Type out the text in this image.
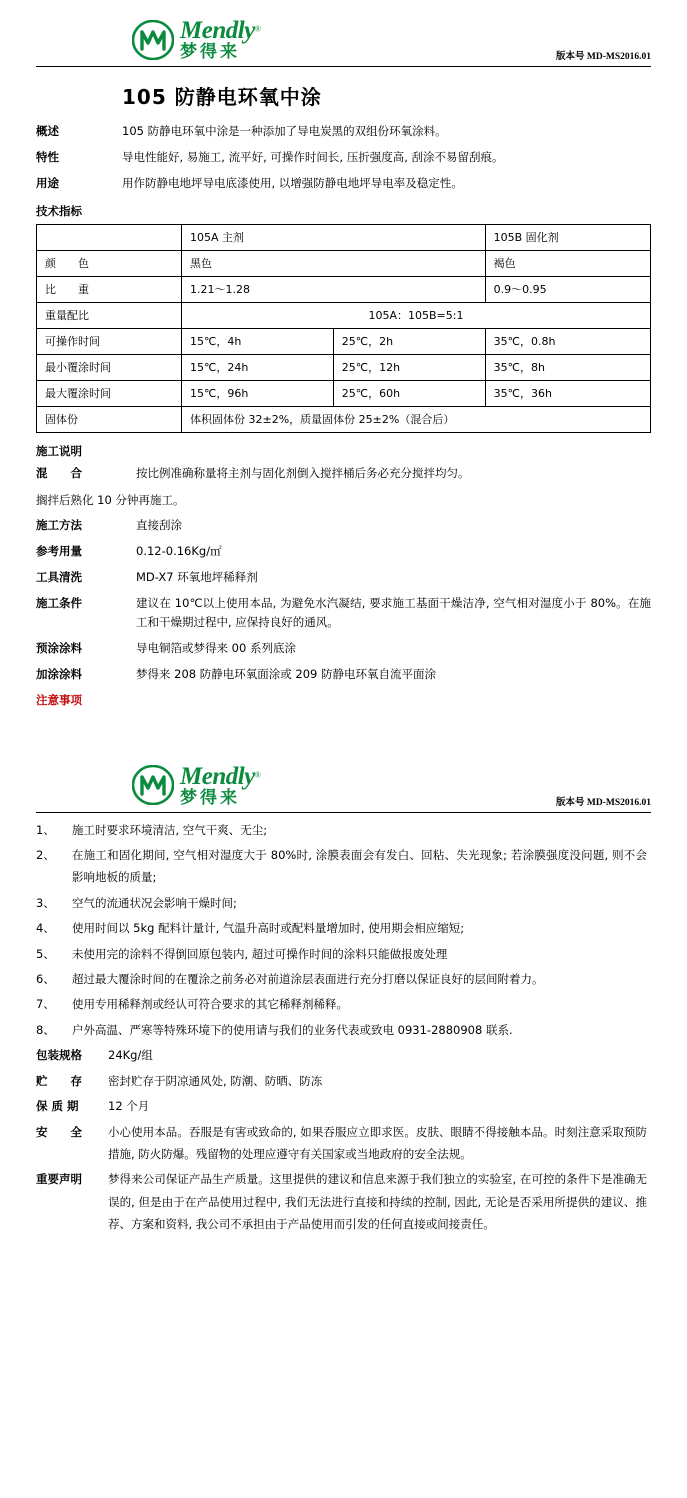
Mendly®
梦得来	版本号 MD-MS2016.01
105 防静电环氧中涂
概述	105 防静电环氧中涂是一种添加了导电炭黑的双组份环氧涂料。
特性	导电性能好, 易施工, 流平好, 可操作时间长, 压折强度高, 刮涂不易留刮痕。
用途	用作防静电地坪导电底漆使用, 以增强防静电地坪导电率及稳定性。
技术指标
	105A 主剂		105B 固化剂
颜　　色	黑色		褐色
比　　重	1.21〜1.28		0.9〜0.95
重量配比	105A：105B=5:1		
可操作时间	15℃，4h	25℃，2h	35℃，0.8h
最小覆涂时间	15℃，24h	25℃，12h	35℃，8h
最大覆涂时间	15℃，96h	25℃，60h	35℃，36h
固体份	体积固体份 32±2%，质量固体份 25±2%（混合后）		
施工说明
混　　合	按比例准确称量将主剂与固化剂倒入搅拌桶后务必充分搅拌均匀。
搁拌后熟化 10 分钟再施工。
施工方法	直接刮涂
参考用量	0.12-0.16Kg/㎡
工具清洗	MD-X7 环氧地坪稀释剂
施工条件	建议在 10℃以上使用本品, 为避免水汽凝结, 要求施工基面干燥洁净, 空气相对湿度小于 80%。在施工和干燥期过程中, 应保持良好的通风。
预涂涂料	导电铜箔或梦得来 00 系列底涂
加涂涂料	梦得来 208 防静电环氧面涂或 209 防静电环氧自流平面涂
注意事项
Mendly®
梦得来	版本号 MD-MS2016.01
1、	施工时要求环境清洁, 空气干爽、无尘;
2、	在施工和固化期间, 空气相对湿度大于 80%时, 涂膜表面会有发白、回粘、失光现象; 若涂膜强度没问题, 则不会影响地板的质量;
3、	空气的流通状况会影响干燥时间;
4、	使用时间以 5kg 配料计量计, 气温升高时或配料量增加时, 使用期会相应缩短;
5、	未使用完的涂料不得倒回原包装内, 超过可操作时间的涂料只能做报废处理
6、	超过最大覆涂时间的在覆涂之前务必对前道涂层表面进行充分打磨以保证良好的层间附着力。
7、	使用专用稀释剂或经认可符合要求的其它稀释剂稀释。
8、	户外高温、严寒等特殊环境下的使用请与我们的业务代表或致电 0931-2880908 联系.
包装规格	24Kg/组
贮　　存	密封贮存于阴凉通风处, 防潮、防晒、防冻
保 质 期	12 个月
安　　全	小心使用本品。吞服是有害或致命的, 如果吞服应立即求医。皮肤、眼睛不得接触本品。时刻注意采取预防措施, 防火防爆。残留物的处理应遵守有关国家或当地政府的安全法规。
重要声明	梦得来公司保证产品生产质量。这里提供的建议和信息来源于我们独立的实验室, 在可控的条件下是准确无误的, 但是由于在产品使用过程中, 我们无法进行直接和持续的控制, 因此, 无论是否采用所提供的建议、推荐、方案和资料, 我公司不承担由于产品使用而引发的任何直接或间接责任。
